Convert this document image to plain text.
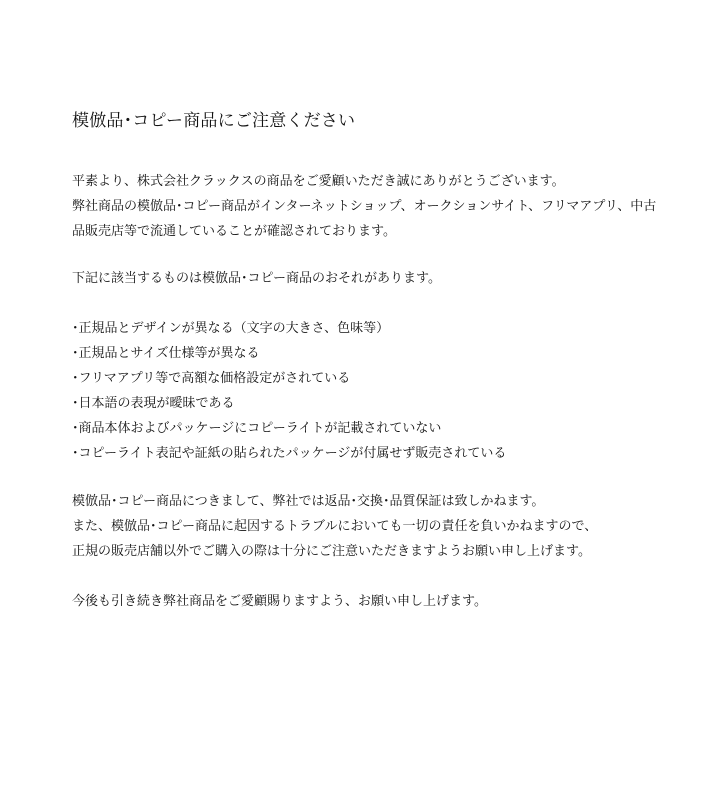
模倣品･コピー商品にご注意ください

平素より、株式会社クラックスの商品をご愛顧いただき誠にありがとうございます。
弊社商品の模倣品･コピー商品がインターネットショップ、オークションサイト、フリマアプリ、中古
品販売店等で流通していることが確認されております。

下記に該当するものは模倣品･コピー商品のおそれがあります。

･正規品とデザインが異なる（文字の大きさ、色味等）
･正規品とサイズ仕様等が異なる
･フリマアプリ等で高額な価格設定がされている
･日本語の表現が曖昧である
･商品本体およびパッケージにコピーライトが記載されていない
･コピーライト表記や証紙の貼られたパッケージが付属せず販売されている

模倣品･コピー商品につきまして、弊社では返品･交換･品質保証は致しかねます。
また、模倣品･コピー商品に起因するトラブルにおいても一切の責任を負いかねますので、
正規の販売店舗以外でご購入の際は十分にご注意いただきますようお願い申し上げます。

今後も引き続き弊社商品をご愛顧賜りますよう、お願い申し上げます。
